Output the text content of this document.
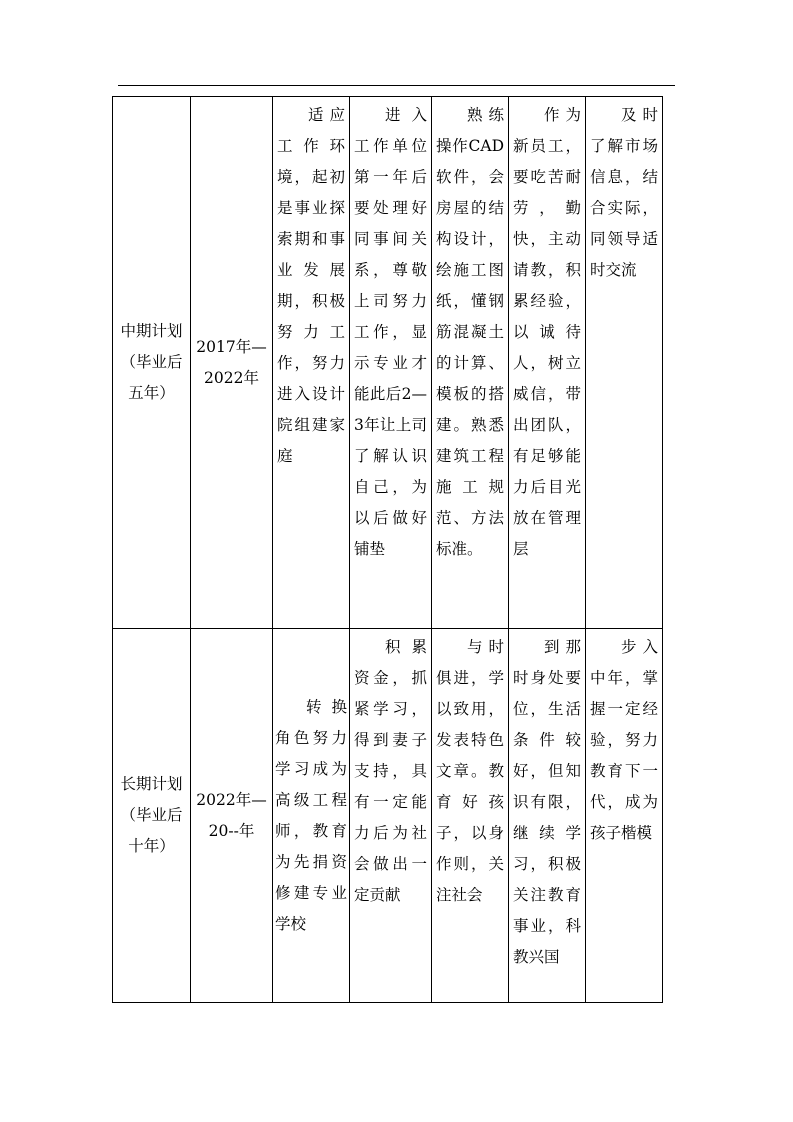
中期计划（毕业后五年）	2017年—2022年	适应工作环境，起初是事业探索期和事业发展期，积极努力工作，努力进入设计院组建家庭	进入工作单位第一年后要处理好同事间关系，尊敬上司努力工作，显示专业才能此后2—3年让上司了解认识自己，为以后做好铺垫	熟练操作CAD软件，会房屋的结构设计，绘施工图纸，懂钢筋混凝土的计算、模板的搭建。熟悉建筑工程施工规范、方法标准。	作为新员工，要吃苦耐劳，勤快，主动请教，积累经验，以诚待人，树立威信，带出团队，有足够能力后目光放在管理层	及时了解市场信息，结合实际，同领导适时交流

长期计划（毕业后十年）	2022年—20--年	转换角色努力学习成为高级工程师，教育为先捐资修建专业学校	积累资金，抓紧学习，得到妻子支持，具有一定能力后为社会做出一定贡献	与时俱进，学以致用，发表特色文章。教育好孩子，以身作则，关注社会	到那时身处要位，生活条件较好，但知识有限，继续学习，积极关注教育事业，科教兴国	步入中年，掌握一定经验，努力教育下一代，成为孩子楷模
